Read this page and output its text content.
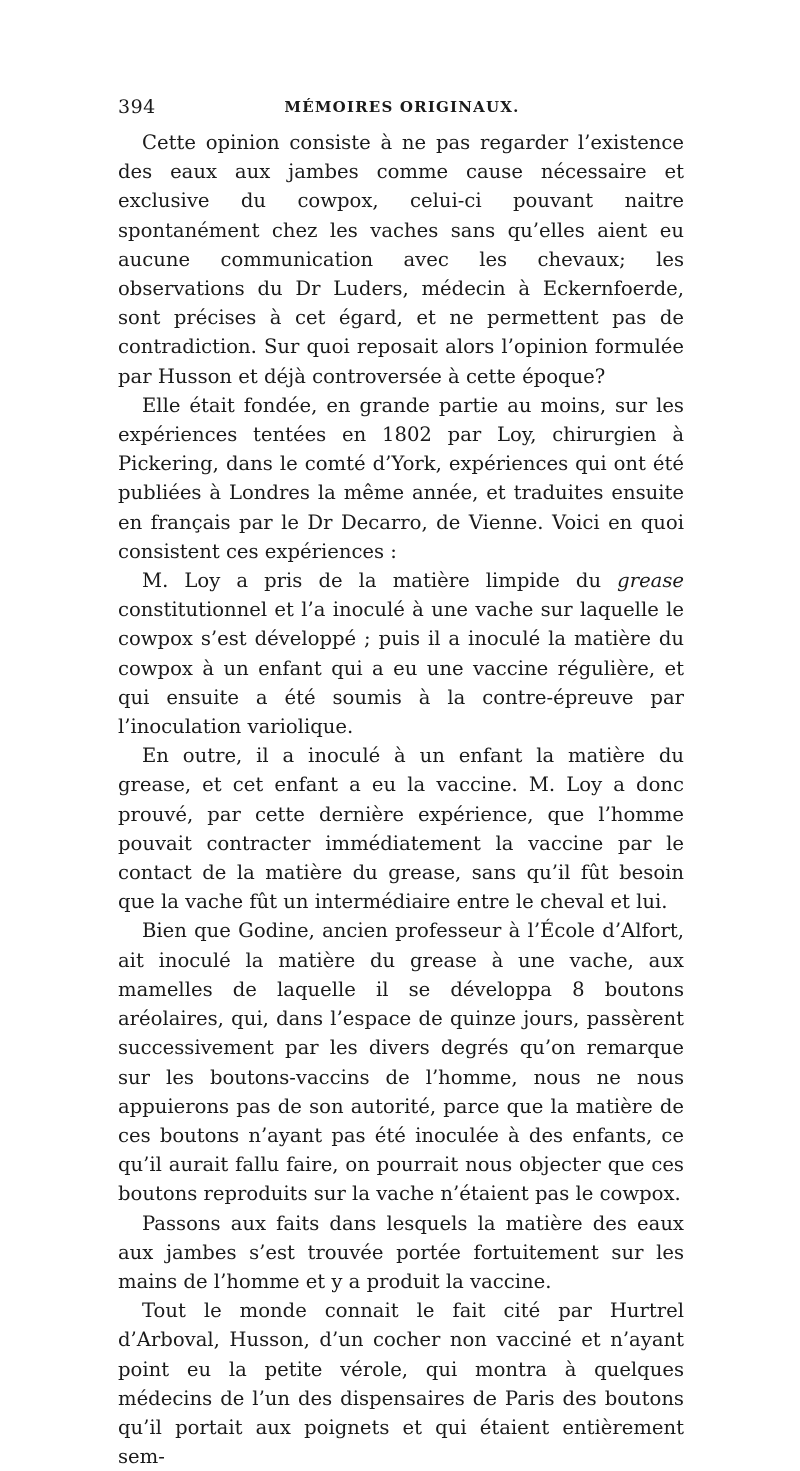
394	MÉMOIRES ORIGINAUX.

Cette opinion consiste à ne pas regarder l’existence des eaux aux jambes comme cause nécessaire et exclusive du cowpox, celui-ci pouvant naitre spontanément chez les vaches sans qu’elles aient eu aucune communication avec les chevaux; les observations du Dr Luders, médecin à Eckernfoerde, sont précises à cet égard, et ne permettent pas de contradiction. Sur quoi reposait alors l’opinion formulée par Husson et déjà controversée à cette époque?

Elle était fondée, en grande partie au moins, sur les expériences tentées en 1802 par Loy, chirurgien à Pickering, dans le comté d’York, expériences qui ont été publiées à Londres la même année, et traduites ensuite en français par le Dr Decarro, de Vienne. Voici en quoi consistent ces expériences :

M. Loy a pris de la matière limpide du grease constitutionnel et l’a inoculé à une vache sur laquelle le cowpox s’est développé ; puis il a inoculé la matière du cowpox à un enfant qui a eu une vaccine régulière, et qui ensuite a été soumis à la contre-épreuve par l’inoculation variolique.

En outre, il a inoculé à un enfant la matière du grease, et cet enfant a eu la vaccine. M. Loy a donc prouvé, par cette dernière expérience, que l’homme pouvait contracter immédiatement la vaccine par le contact de la matière du grease, sans qu’il fût besoin que la vache fût un intermédiaire entre le cheval et lui.

Bien que Godine, ancien professeur à l’École d’Alfort, ait inoculé la matière du grease à une vache, aux mamelles de laquelle il se développa 8 boutons aréolaires, qui, dans l’espace de quinze jours, passèrent successivement par les divers degrés qu’on remarque sur les boutons-vaccins de l’homme, nous ne nous appuierons pas de son autorité, parce que la matière de ces boutons n’ayant pas été inoculée à des enfants, ce qu’il aurait fallu faire, on pourrait nous objecter que ces boutons reproduits sur la vache n’étaient pas le cowpox.

Passons aux faits dans lesquels la matière des eaux aux jambes s’est trouvée portée fortuitement sur les mains de l’homme et y a produit la vaccine.

Tout le monde connait le fait cité par Hurtrel d’Arboval, Husson, d’un cocher non vacciné et n’ayant point eu la petite vérole, qui montra à quelques médecins de l’un des dispensaires de Paris des boutons qu’il portait aux poignets et qui étaient entièrement sem-
